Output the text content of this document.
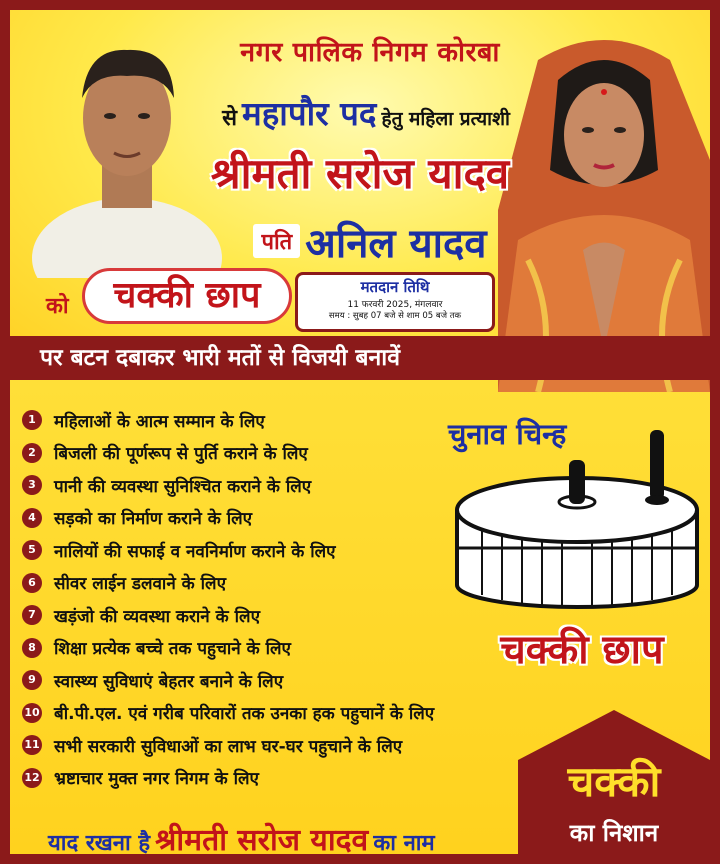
नगर पालिक निगम कोरबा
से महापौर पद हेतु महिला प्रत्याशी
श्रीमती सरोज यादव
पति अनिल यादव
को	चक्की छाप	मतदान तिथि
11 फरवरी 2025, मंगलवार
समय : सुबह 07 बजे से शाम 05 बजे तक
पर बटन दबाकर भारी मतों से विजयी बनावें
1	महिलाओं के आत्म सम्मान के लिए
2	बिजली की पूर्णरूप से पुर्ति कराने के लिए
3	पानी की व्यवस्था सुनिश्चित कराने के लिए
4	सड़को का निर्माण कराने के लिए
5	नालियों की सफाई व नवनिर्माण कराने के लिए
6	सीवर लाईन डलवाने के लिए
7	खड़ंजो की व्यवस्था कराने के लिए
8	शिक्षा प्रत्येक बच्चे तक पहुचाने के लिए
9	स्वास्थ्य सुविधाएं बेहतर बनाने के लिए
10 बी.पी.एल. एवं गरीब परिवारों तक उनका हक पहुचानें के लिए
11 सभी सरकारी सुविधाओं का लाभ घर-घर पहुचाने के लिए
12 भ्रष्टाचार मुक्त नगर निगम के लिए
चुनाव चिन्ह
चक्की छाप
चक्की
का निशान
याद रखना है श्रीमती सरोज यादव का नाम
